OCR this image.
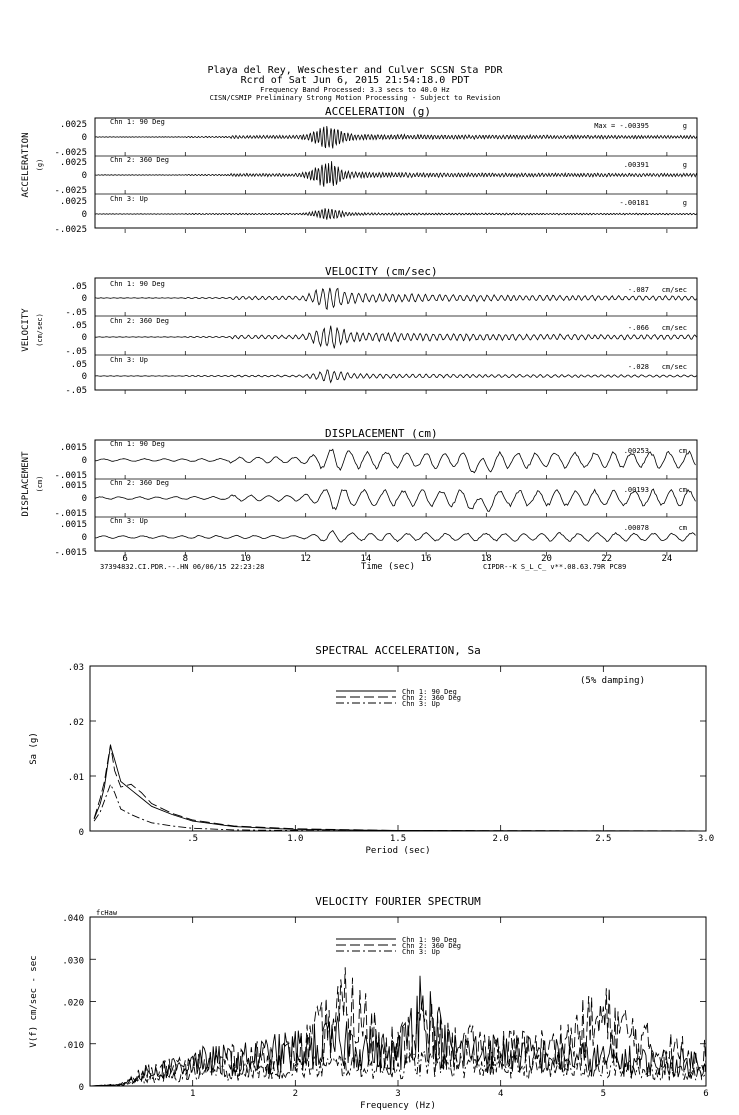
Playa del Rey, Weschester and Culver SCSN Sta PDR
Rcrd of Sat Jun 6, 2015 21:54:18.0 PDT
Frequency Band Processed: 3.3 secs to 40.0 Hz
CISN/CSMIP Preliminary Strong Motion Processing - Subject to Revision
ACCELERATION (g)
ACCELERATION (g)
.0025
0
-.0025
Chn 1: 90 Deg	Max = -.00395	g
.0025
0
-.0025
Chn 2: 360 Deg
.00391	g
.0025
0
-.0025
Chn 3: Up	-.00181	g
VELOCITY (cm/sec)
VELOCITY (cm/sec)
.05
0
-.05
Chn 1: 90 Deg
-.087 cm/sec
.05
0
-.05
Chn 2: 360 Deg
-.066 cm/sec
.05
0
-.05
Chn 3: Up
-.028 cm/sec
DISPLACEMENT (cm)
DISPLACEMENT (cm)
.0015
0
-.0015
Chn 1: 90 Deg
.00253	cm
.0015
0
-.0015
Chn 2: 360 Deg
.00193	cm
.0015
0
-.0015
Chn 3: Up
.00078	cm
6	8	10	12	14	16	18	20	22	24
Time (sec)
37394832.CI.PDR.--.HN 06/06/15 22:23:28	CIPDR--K S_L_C_ v**.08.63.79R PC89
SPECTRAL ACCELERATION, Sa
(5% damping)
.5	1.0	1.5	2.0	2.5	3.0
0
.01
.02
.03
Period (sec)
Sa (g)
Chn 1: 90 Deg
Chn 2: 360 Deg
Chn 3: Up
VELOCITY FOURIER SPECTRUM
fcHaw
1	2	3	4	5	6
0
.010
.020
.030
.040
Frequency (Hz)
V(f) cm/sec - sec
Chn 1: 90 Deg
Chn 2: 360 Deg
Chn 3: Up
